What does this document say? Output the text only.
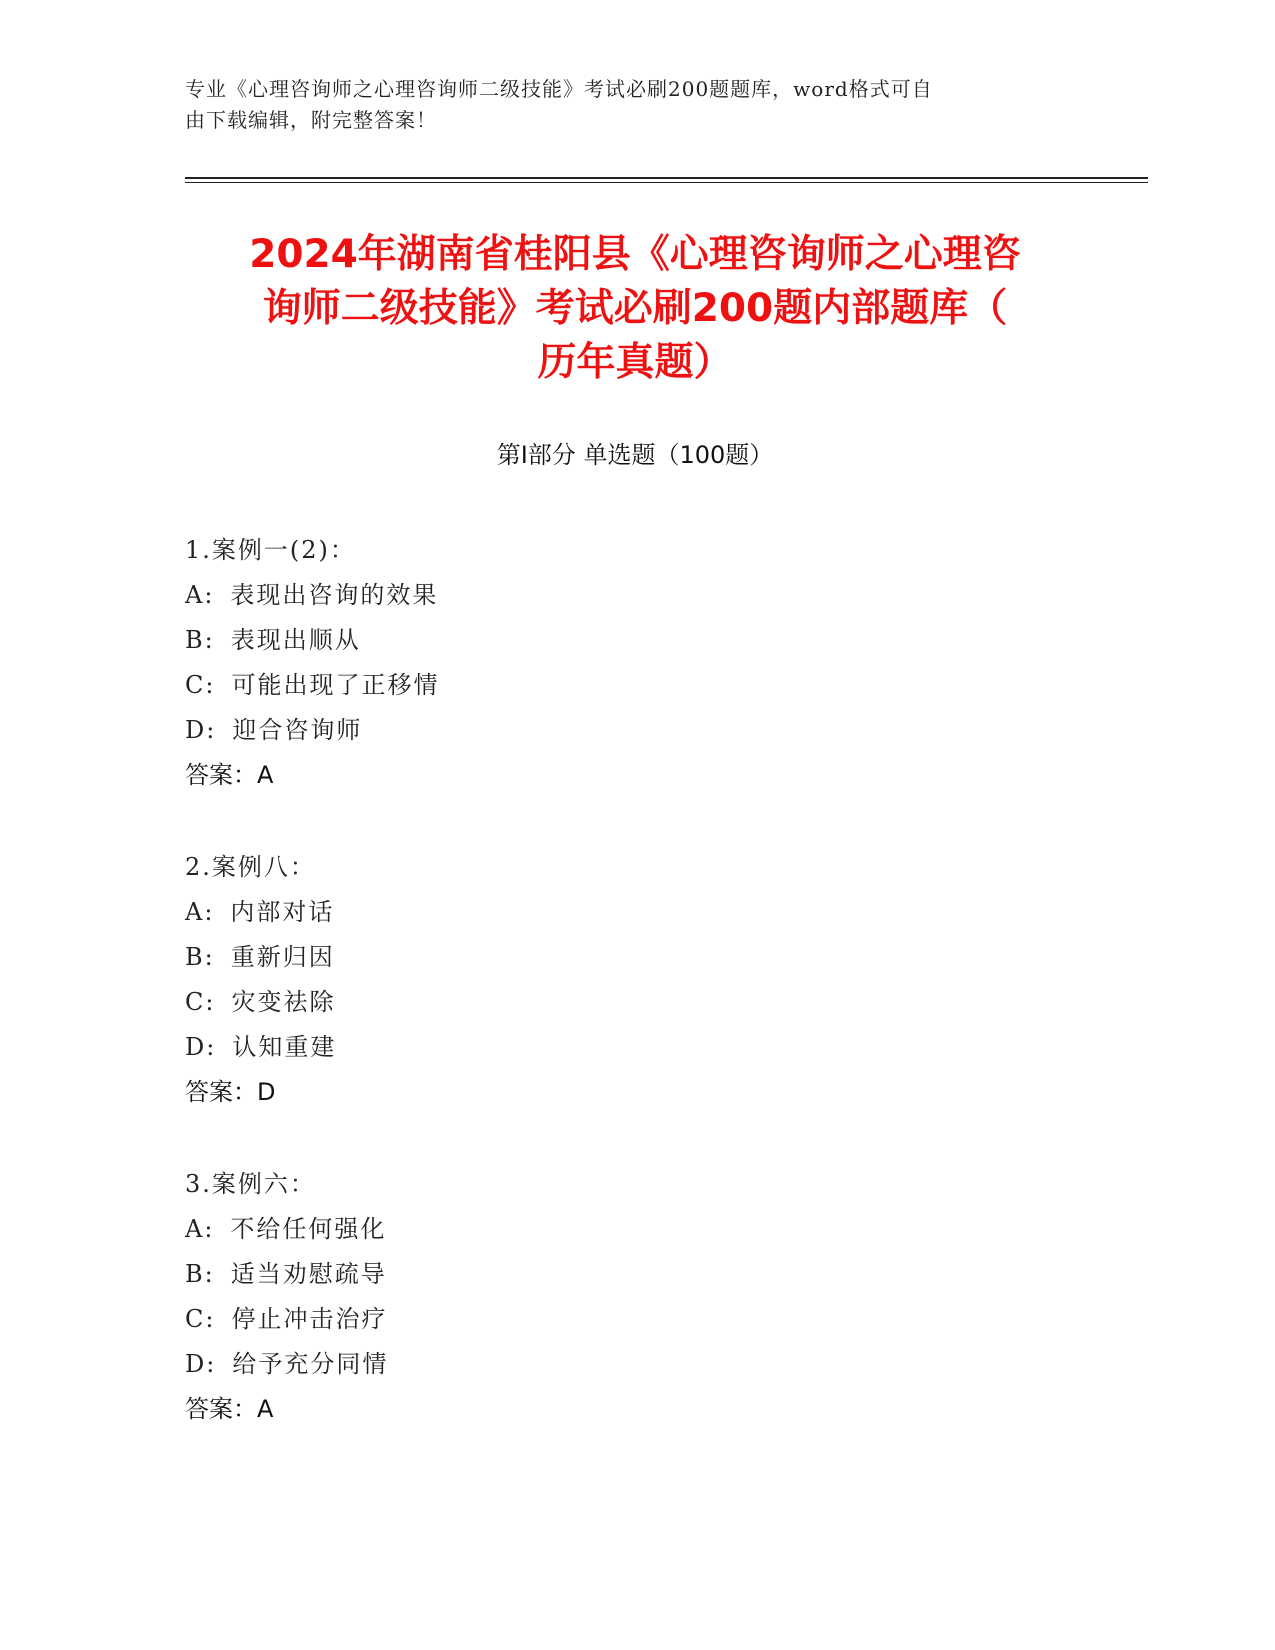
专业《心理咨询师之心理咨询师二级技能》考试必刷200题题库，word格式可自
由下载编辑，附完整答案！
2024年湖南省桂阳县《心理咨询师之心理咨
询师二级技能》考试必刷200题内部题库（
历年真题）
第I部分 单选题（100题）
1.案例一(2)：
A: 表现出咨询的效果
B: 表现出顺从
C: 可能出现了正移情
D: 迎合咨询师
答案：A
2.案例八：
A: 内部对话
B: 重新归因
C: 灾变祛除
D: 认知重建
答案：D
3.案例六：
A: 不给任何强化
B: 适当劝慰疏导
C: 停止冲击治疗
D: 给予充分同情
答案：A
